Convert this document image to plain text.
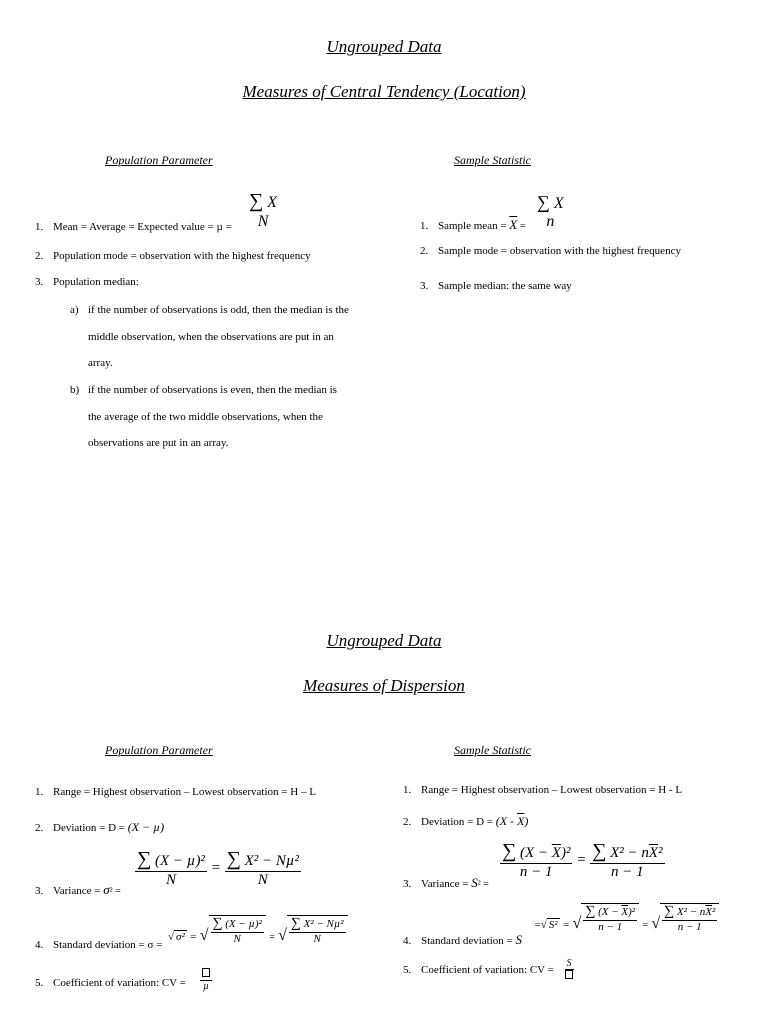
Ungrouped Data
Measures of Central Tendency (Location)
Population Parameter	Sample Statistic
∑ X
N
1. Mean = Average = Expected value = µ =
2. Population mode = observation with the highest frequency
3. Population median:
a) if the number of observations is odd, then the median is the
middle observation, when the observations are put in an
array.
b) if the number of observations is even, then the median is
the average of the two middle observations, when the
observations are put in an array.
∑ X
n
1. Sample mean = $\overline{X}$ =
2. Sample mode = observation with the highest frequency
3. Sample median: the same way
Ungrouped Data
Measures of Dispersion
Population Parameter	Sample Statistic
1. Range = Highest observation – Lowest observation = H – L
2. Deviation = D = (X − µ)
3. Variance = σ² =
$\frac{\text{∑ (X − µ)²}}{N} = \frac{\text{∑ X² − Nµ²}}{N}$
4. Standard deviation = σ =
√ σ² = √ $\frac{\text{∑ (X − µ)²}}{N}$ = √ $\frac{\text{∑ X² − Nµ²}}{N}$
5. Coefficient of variation: CV = µ
1. Range = Highest observation – Lowest observation = H - L
2. Deviation = $D = (X - \overline{X})$
$\frac{\sum (X - \overline{X})^2}{n - 1} = \frac{\sum X^2 - n\overline{X}^2}{n - 1}$
3. Variance = S² =
4. Standard deviation = S
= √ S² = √ $\frac{\sum (X - \overline{X})^2}{n - 1}$ = √ $\frac{\sum X^2 - n\overline{X}^2}{n - 1}$
5. Coefficient of variation: CV =
S
